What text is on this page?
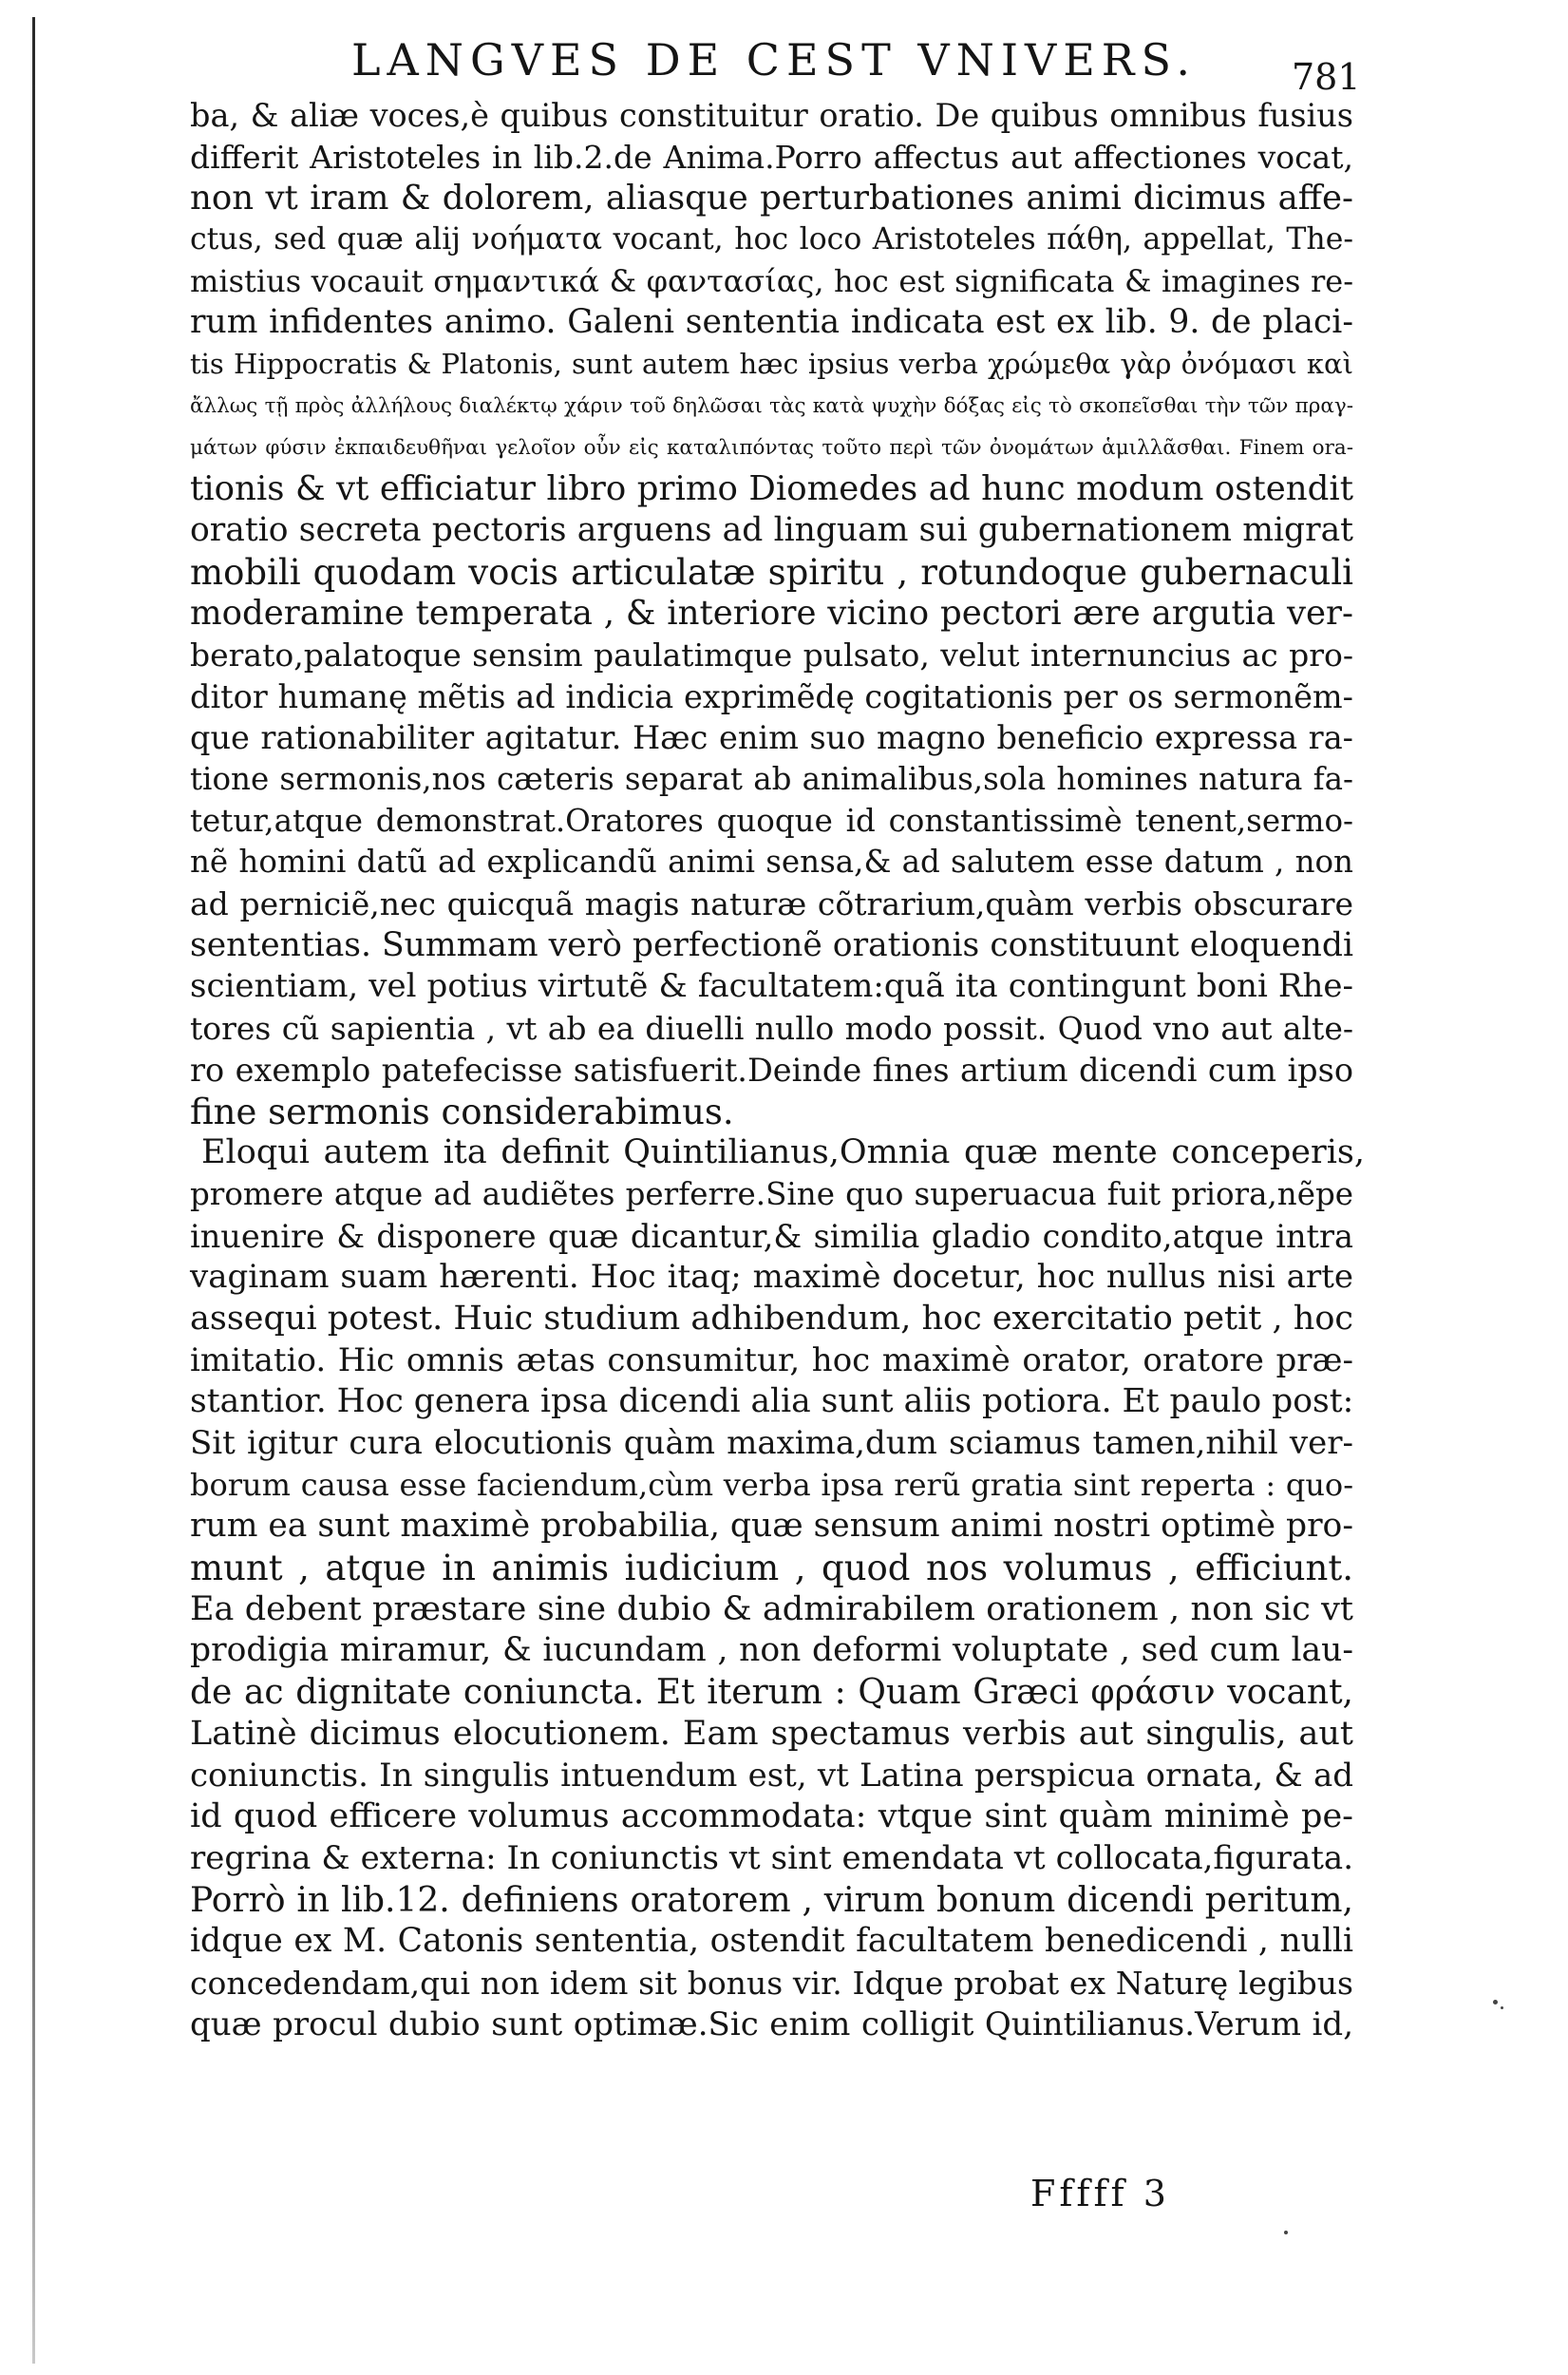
LANGVES DE CEST VNIVERS.	781
ba, & aliæ voces,è quibus constituitur oratio. De quibus omnibus fusius
differit Aristoteles in lib.2.de Anima.Porro affectus aut affectiones vocat,
non vt iram & dolorem, aliasque perturbationes animi dicimus affe-
ctus, sed quæ alij νοήματα vocant, hoc loco Aristoteles πάθη, appellat, The-
mistius vocauit σημαντικά & φαντασίας, hoc est significata & imagines re-
rum infidentes animo. Galeni sententia indicata est ex lib. 9. de placi-
tis Hippocratis & Platonis, sunt autem hæc ipsius verba χρώμεθα γὰρ ὀνόμασι καὶ
ἄλλως τῇ πρὸς ἀλλήλους διαλέκτῳ χάριν τοῦ δηλῶσαι τὰς κατὰ ψυχὴν δόξας εἰς τὸ σκοπεῖσθαι τὴν τῶν πραγ-
μάτων φύσιν ἐκπαιδευθῆναι γελοῖον οὖν εἰς καταλιπόντας τοῦτο περὶ τῶν ὀνομάτων ἁμιλλᾶσθαι. Finem ora-
tionis & vt efficiatur libro primo Diomedes ad hunc modum ostendit
oratio secreta pectoris arguens ad linguam sui gubernationem migrat
mobili quodam vocis articulatæ spiritu , rotundoque gubernaculi
moderamine temperata , & interiore vicino pectori ære argutia ver-
berato,palatoque sensim paulatimque pulsato, velut internuncius ac pro-
ditor humanę mẽtis ad indicia exprimẽdę cogitationis per os sermonẽm-
que rationabiliter agitatur. Hæc enim suo magno beneficio expressa ra-
tione sermonis,nos cæteris separat ab animalibus,sola homines natura fa-
tetur,atque demonstrat.Oratores quoque id constantissimè tenent,sermo-
nẽ homini datũ ad explicandũ animi sensa,& ad salutem esse datum , non
ad perniciẽ,nec quicquã magis naturæ cõtrarium,quàm verbis obscurare
sententias. Summam verò perfectionẽ orationis constituunt eloquendi
scientiam, vel potius virtutẽ & facultatem:quã ita contingunt boni Rhe-
tores cũ sapientia , vt ab ea diuelli nullo modo possit. Quod vno aut alte-
ro exemplo patefecisse satisfuerit.Deinde fines artium dicendi cum ipso
fine sermonis considerabimus.
Eloqui autem ita definit Quintilianus,Omnia quæ mente conceperis,
promere atque ad audiẽtes perferre.Sine quo superuacua fuit priora,nẽpe
inuenire & disponere quæ dicantur,& similia gladio condito,atque intra
vaginam suam hærenti. Hoc itaq; maximè docetur, hoc nullus nisi arte
assequi potest. Huic studium adhibendum, hoc exercitatio petit , hoc
imitatio. Hic omnis ætas consumitur, hoc maximè orator, oratore præ-
stantior. Hoc genera ipsa dicendi alia sunt aliis potiora. Et paulo post:
Sit igitur cura elocutionis quàm maxima,dum sciamus tamen,nihil ver-
borum causa esse faciendum,cùm verba ipsa rerũ gratia sint reperta : quo-
rum ea sunt maximè probabilia, quæ sensum animi nostri optimè pro-
munt , atque in animis iudicium , quod nos volumus , efficiunt.
Ea debent præstare sine dubio & admirabilem orationem , non sic vt
prodigia miramur, & iucundam , non deformi voluptate , sed cum lau-
de ac dignitate coniuncta. Et iterum : Quam Græci φράσιν vocant,
Latinè dicimus elocutionem. Eam spectamus verbis aut singulis, aut
coniunctis. In singulis intuendum est, vt Latina perspicua ornata, & ad
id quod efficere volumus accommodata: vtque sint quàm minimè pe-
regrina & externa: In coniunctis vt sint emendata vt collocata,figurata.
Porrò in lib.12. definiens oratorem , virum bonum dicendi peritum,
idque ex M. Catonis sententia, ostendit facultatem benedicendi , nulli
concedendam,qui non idem sit bonus vir. Idque probat ex Naturę legibus
quæ procul dubio sunt optimæ.Sic enim colligit Quintilianus.Verum id,
Fffff 3
